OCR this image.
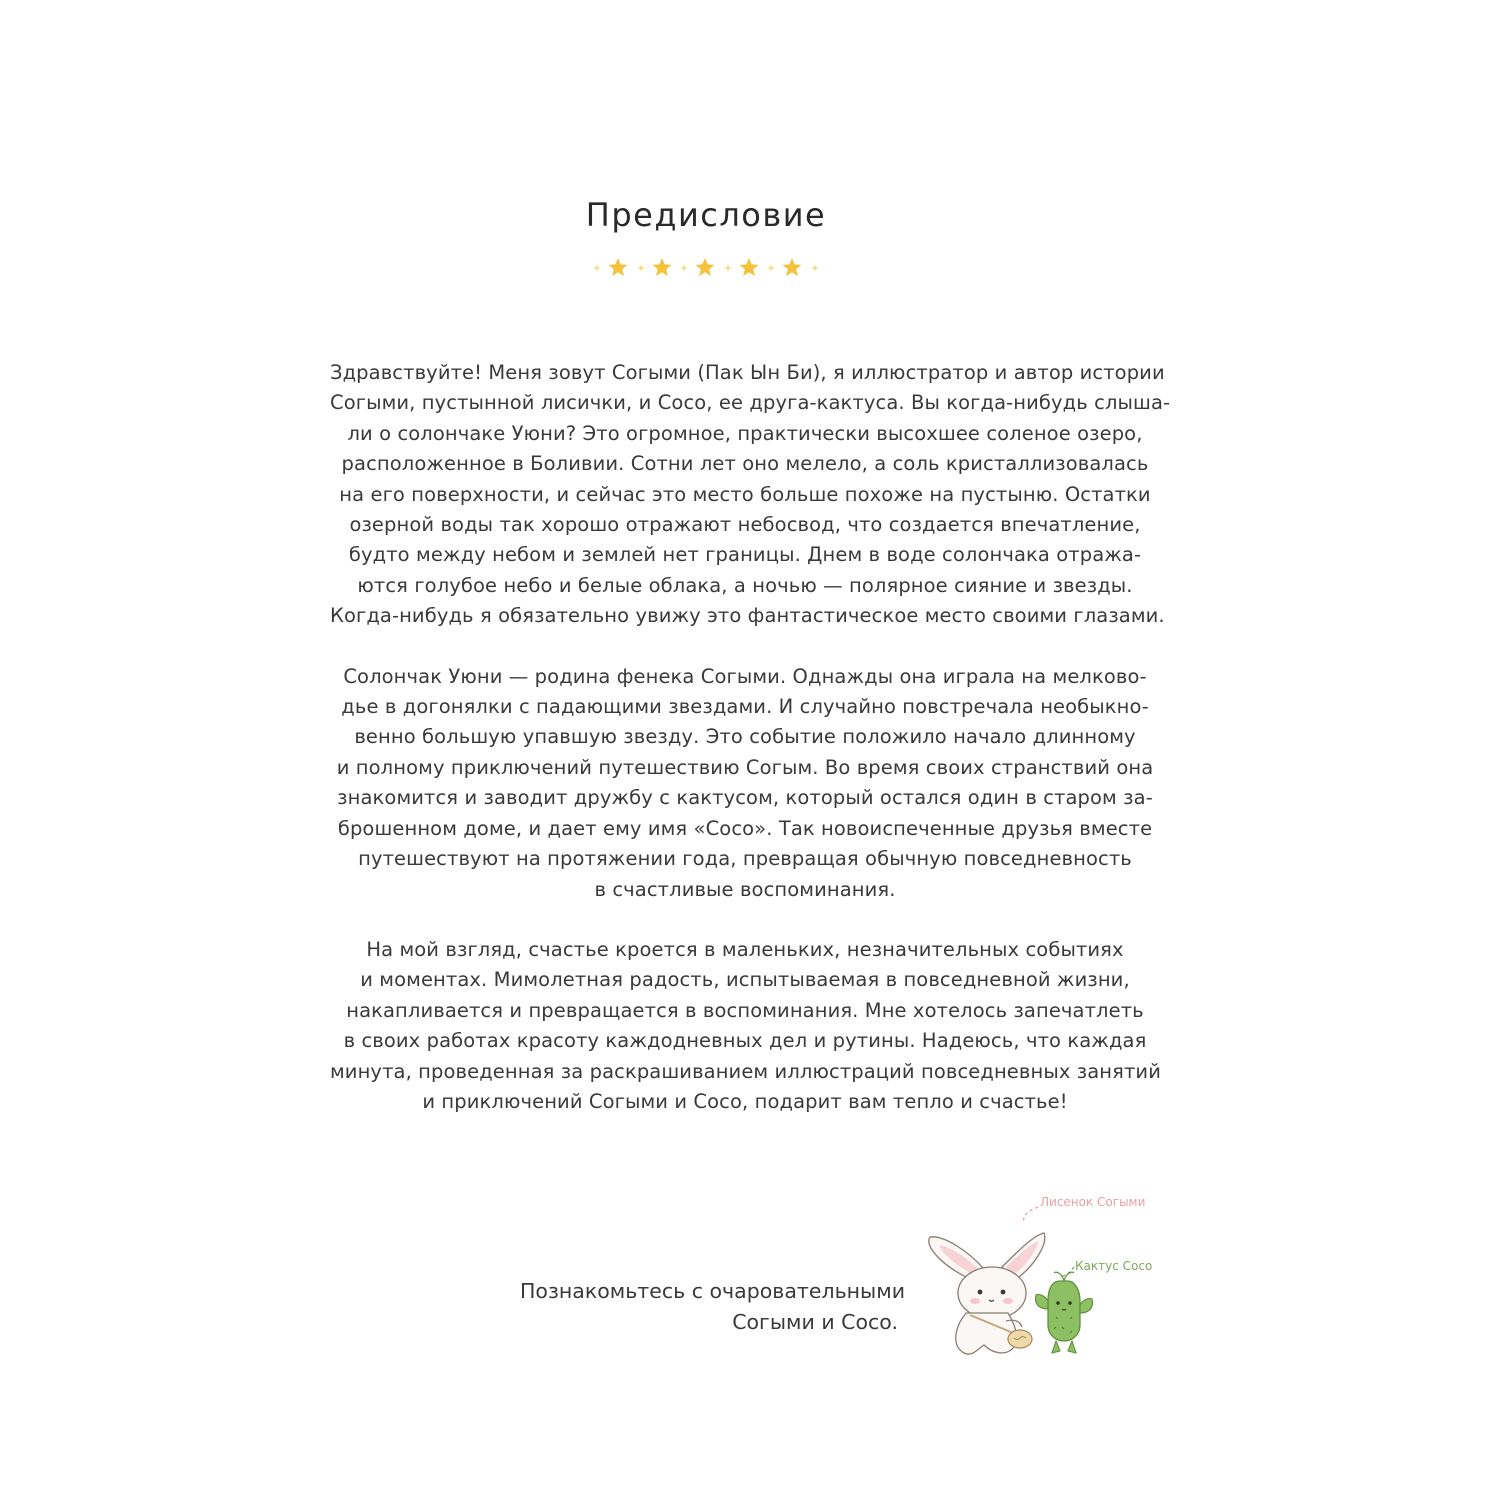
Предисловие

Здравствуйте! Меня зовут Согыми (Пак Ын Би), я иллюстратор и автор истории
Согыми, пустынной лисички, и Соco, ее друга-кактуса. Вы когда-нибудь слыша-
ли о солончаке Уюни? Это огромное, практически высохшее соленое озеро,
расположенное в Боливии. Сотни лет оно мелело, а соль кристаллизовалась
на его поверхности, и сейчас это место больше похоже на пустыню. Остатки
озерной воды так хорошо отражают небосвод, что создается впечатление,
будто между небом и землей нет границы. Днем в воде солончака отража-
ются голубое небо и белые облака, а ночью — полярное сияние и звезды.
Когда-нибудь я обязательно увижу это фантастическое место своими глазами.

Солончак Уюни — родина фенека Согыми. Однажды она играла на мелково-
дье в догонялки с падающими звездами. И случайно повстречала необыкно-
венно большую упавшую звезду. Это событие положило начало длинному
и полному приключений путешествию Согым. Во время своих странствий она
знакомится и заводит дружбу с кактусом, который остался один в старом за-
брошенном доме, и дает ему имя «Соco». Так новоиспеченные друзья вместе
путешествуют на протяжении года, превращая обычную повседневность
в счастливые воспоминания.

На мой взгляд, счастье кроется в маленьких, незначительных событиях
и моментах. Мимолетная радость, испытываемая в повседневной жизни,
накапливается и превращается в воспоминания. Мне хотелось запечатлеть
в своих работах красоту каждодневных дел и рутины. Надеюсь, что каждая
минута, проведенная за раскрашиванием иллюстраций повседневных занятий
и приключений Согыми и Соco, подарит вам тепло и счастье!

Познакомьтесь с очаровательными
Согыми и Соco.
Лисенок Согыми
Кактус Соco
